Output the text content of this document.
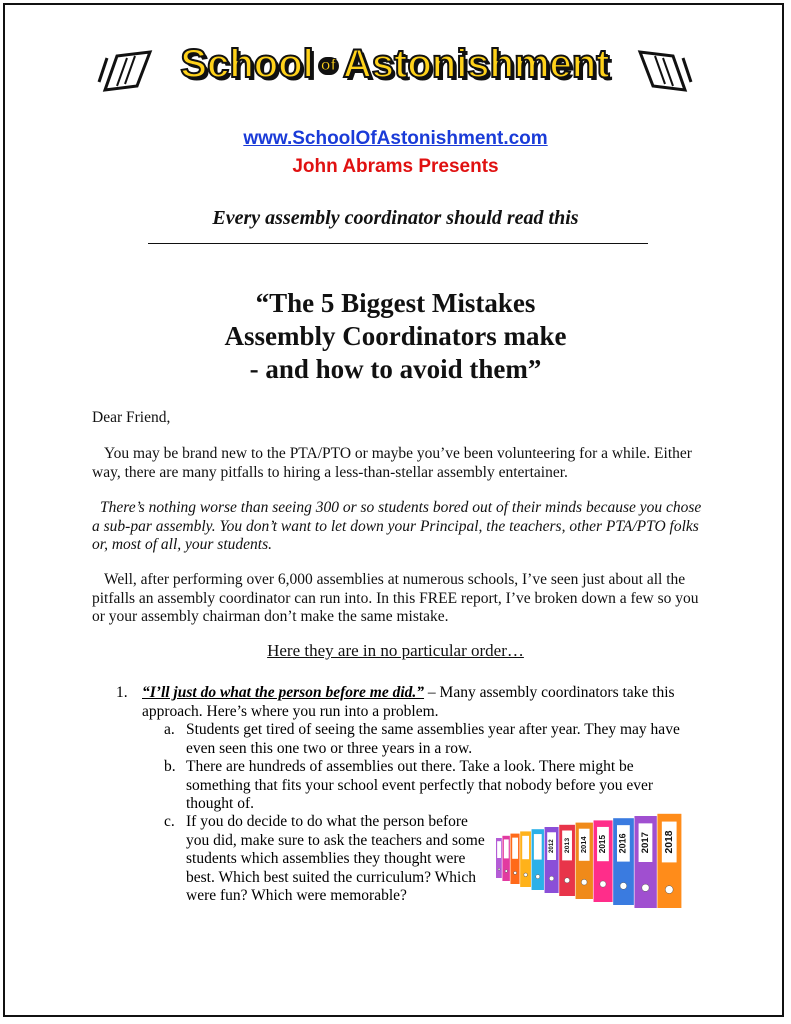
School of Astonishment
www.SchoolOfAstonishment.com
John Abrams Presents
Every assembly coordinator should read this
“The 5 Biggest Mistakes
Assembly Coordinators make
- and how to avoid them”
Dear Friend,
You may be brand new to the PTA/PTO or maybe you’ve been volunteering for a while. Either way, there are many pitfalls to hiring a less-than-stellar assembly entertainer.
There’s nothing worse than seeing 300 or so students bored out of their minds because you chose a sub-par assembly. You don’t want to let down your Principal, the teachers, other PTA/PTO folks or, most of all, your students.
Well, after performing over 6,000 assemblies at numerous schools, I’ve seen just about all the pitfalls an assembly coordinator can run into. In this FREE report, I’ve broken down a few so you or your assembly chairman don’t make the same mistake.
Here they are in no particular order…
1. “I’ll just do what the person before me did.” – Many assembly coordinators take this approach. Here’s where you run into a problem.
a. Students get tired of seeing the same assemblies year after year. They may have
even seen this one two or three years in a row.
b. There are hundreds of assemblies out there. Take a look. There might be
something that fits your school event perfectly that nobody before you ever
thought of.
c. If you do decide to do what the person before
you did, make sure to ask the teachers and some
students which assemblies they thought were
best. Which best suited the curriculum? Which
were fun? Which were memorable?
2012 2013 2014 2015 2016 2017 2018
